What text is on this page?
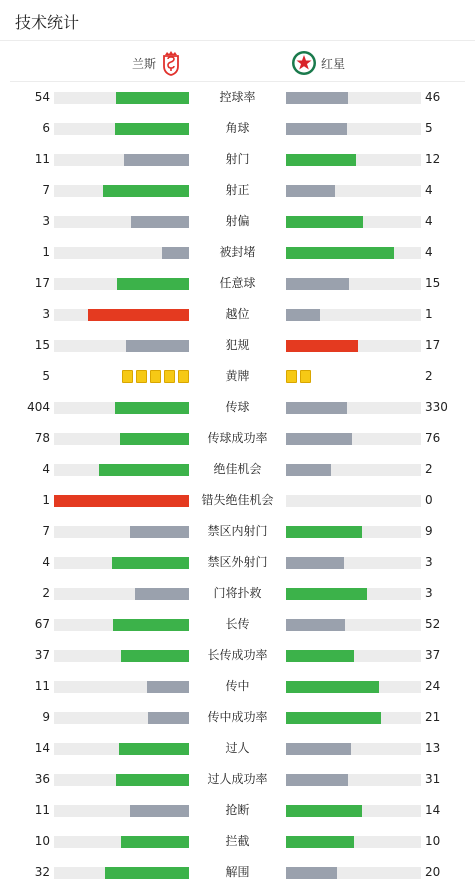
技术统计
兰斯	红星
54	控球率	46
6	角球	5
11	射门	12
7	射正	4
3	射偏	4
1	被封堵	4
17	任意球	15
3	越位	1
15	犯规	17
5	黄牌	2
404	传球	330
78	传球成功率	76
4	绝佳机会	2
1	错失绝佳机会	0
7	禁区内射门	9
4	禁区外射门	3
2	门将扑救	3
67	长传	52
37	长传成功率	37
11	传中	24
9	传中成功率	21
14	过人	13
36	过人成功率	31
11	抢断	14
10	拦截	10
32	解围	20
